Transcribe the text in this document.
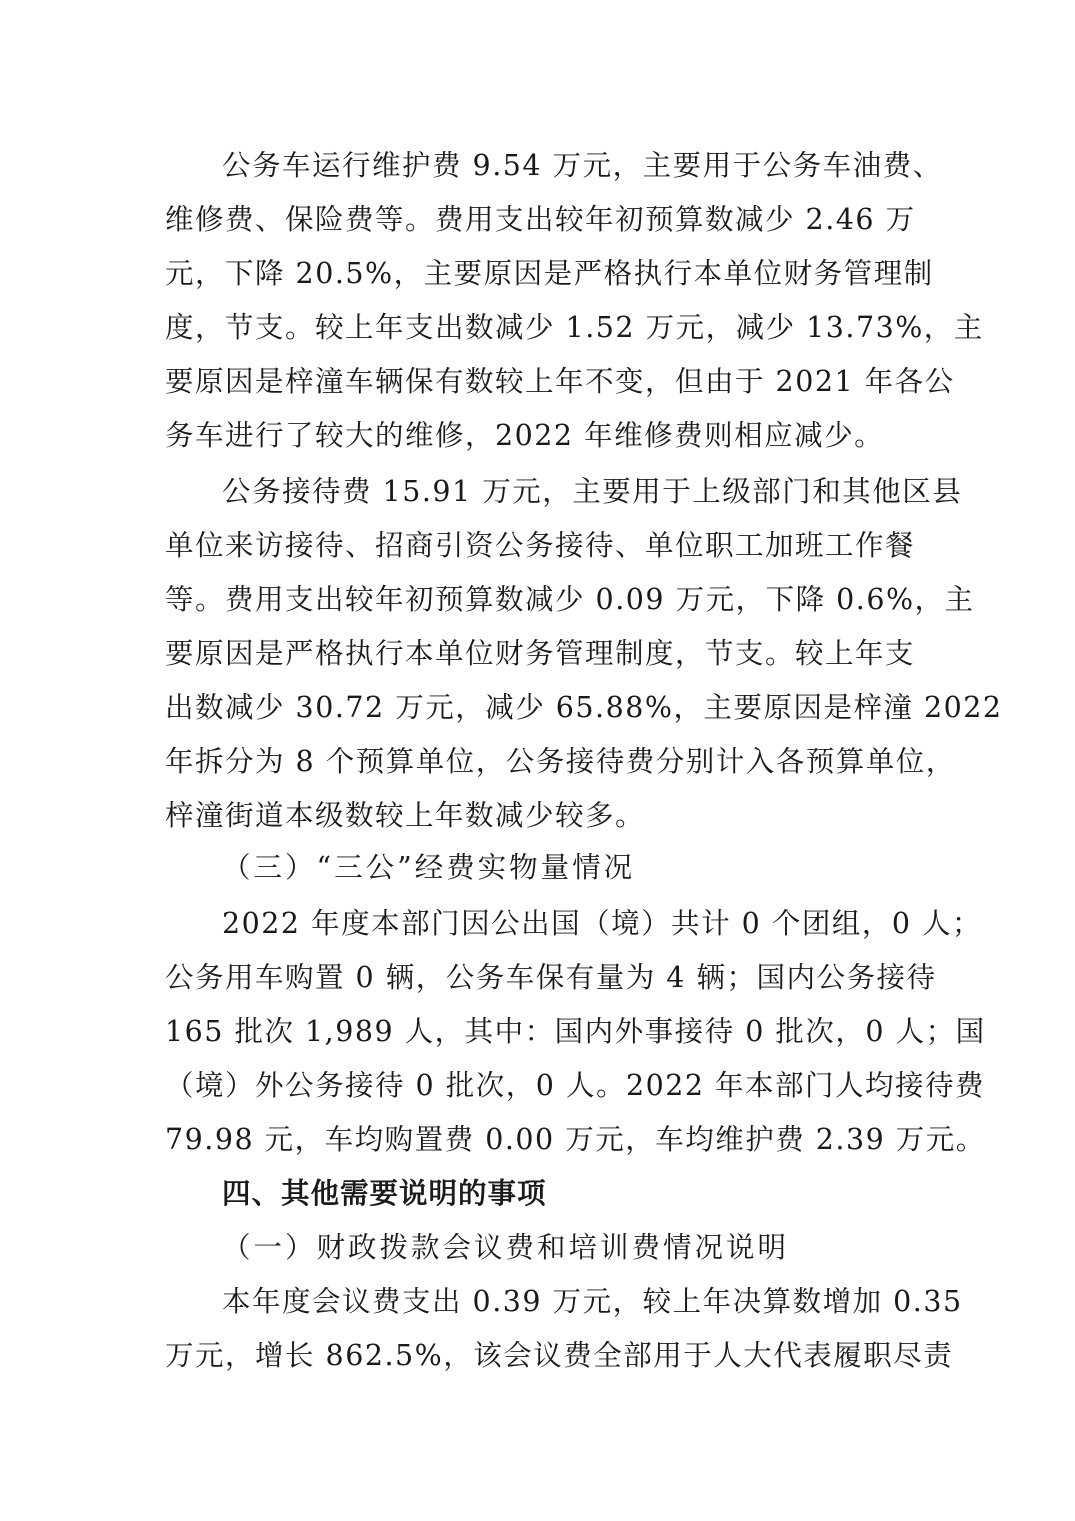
公务车运行维护费 9.54 万元，主要用于公务车油费、
维修费、保险费等。费用支出较年初预算数减少 2.46 万
元，下降 20.5%，主要原因是严格执行本单位财务管理制
度，节支。较上年支出数减少 1.52 万元，减少 13.73%，主
要原因是梓潼车辆保有数较上年不变，但由于 2021 年各公
务车进行了较大的维修，2022 年维修费则相应减少。
公务接待费 15.91 万元，主要用于上级部门和其他区县
单位来访接待、招商引资公务接待、单位职工加班工作餐
等。费用支出较年初预算数减少 0.09 万元，下降 0.6%，主
要原因是严格执行本单位财务管理制度，节支。较上年支
出数减少 30.72 万元，减少 65.88%，主要原因是梓潼 2022
年拆分为 8 个预算单位，公务接待费分别计入各预算单位，
梓潼街道本级数较上年数减少较多。
（三）“三公”经费实物量情况
2022 年度本部门因公出国（境）共计 0 个团组，0 人；
公务用车购置 0 辆，公务车保有量为 4 辆；国内公务接待
165 批次 1,989 人，其中：国内外事接待 0 批次，0 人；国
（境）外公务接待 0 批次，0 人。2022 年本部门人均接待费
79.98 元，车均购置费 0.00 万元，车均维护费 2.39 万元。
四、其他需要说明的事项
（一）财政拨款会议费和培训费情况说明
本年度会议费支出 0.39 万元，较上年决算数增加 0.35
万元，增长 862.5%，该会议费全部用于人大代表履职尽责
